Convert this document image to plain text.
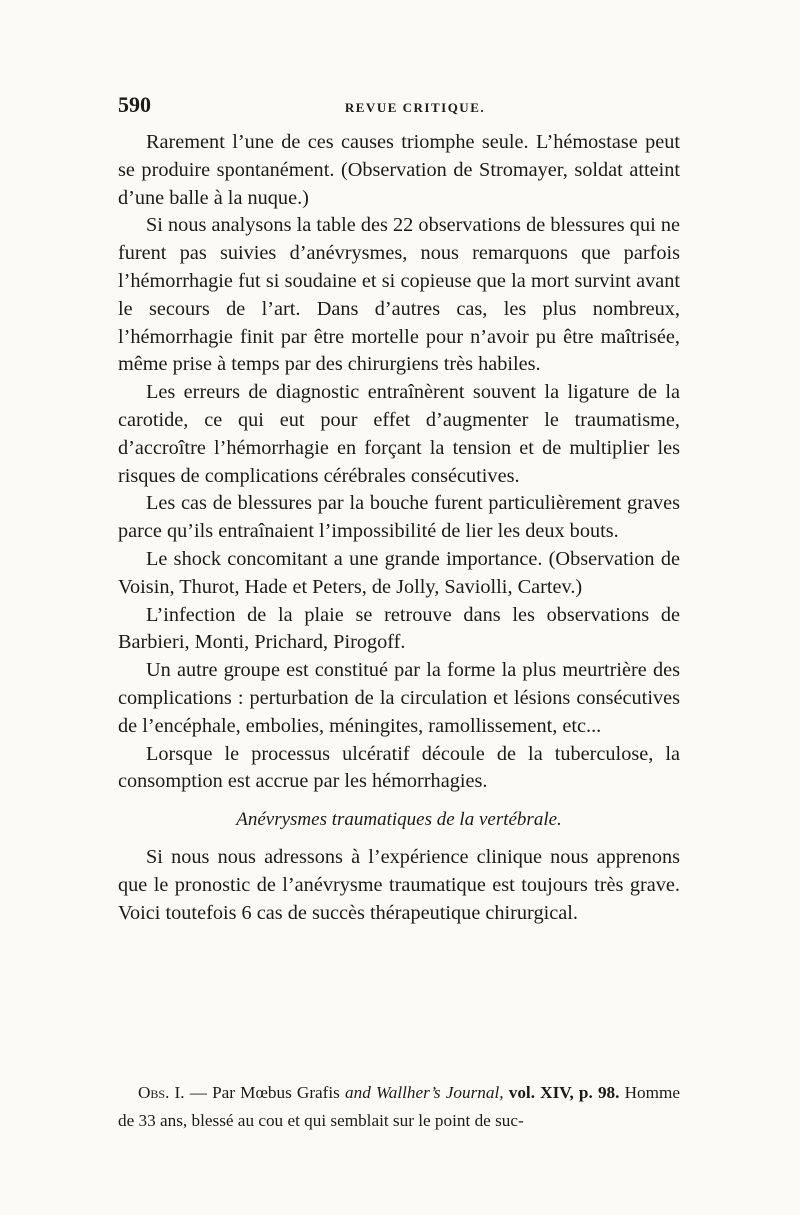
590	REVUE CRITIQUE.

Rarement l’une de ces causes triomphe seule. L’hémostase peut se produire spontanément. (Observation de Stromayer, soldat atteint d’une balle à la nuque.)

Si nous analysons la table des 22 observations de blessures qui ne furent pas suivies d’anévrysmes, nous remarquons que parfois l’hémorrhagie fut si soudaine et si copieuse que la mort survint avant le secours de l’art. Dans d’autres cas, les plus nombreux, l’hémorrhagie finit par être mortelle pour n’avoir pu être maîtrisée, même prise à temps par des chirurgiens très habiles.

Les erreurs de diagnostic entraînèrent souvent la ligature de la carotide, ce qui eut pour effet d’augmenter le traumatisme, d’accroître l’hémorrhagie en forçant la tension et de multiplier les risques de complications cérébrales consécutives.

Les cas de blessures par la bouche furent particulièrement graves parce qu’ils entraînaient l’impossibilité de lier les deux bouts.

Le shock concomitant a une grande importance. (Observation de Voisin, Thurot, Hade et Peters, de Jolly, Saviolli, Cartev.)

L’infection de la plaie se retrouve dans les observations de Barbieri, Monti, Prichard, Pirogoff.

Un autre groupe est constitué par la forme la plus meurtrière des complications : perturbation de la circulation et lésions consécutives de l’encéphale, embolies, méningites, ramollissement, etc...

Lorsque le processus ulcératif découle de la tuberculose, la consomption est accrue par les hémorrhagies.

Anévrysmes traumatiques de la vertébrale.

Si nous nous adressons à l’expérience clinique nous apprenons que le pronostic de l’anévrysme traumatique est toujours très grave. Voici toutefois 6 cas de succès thérapeutique chirurgical.

Obs. I. — Par Mœbus Grafis and Wallher’s Journal, vol. XIV, p. 98. Homme de 33 ans, blessé au cou et qui semblait sur le point de suc-
